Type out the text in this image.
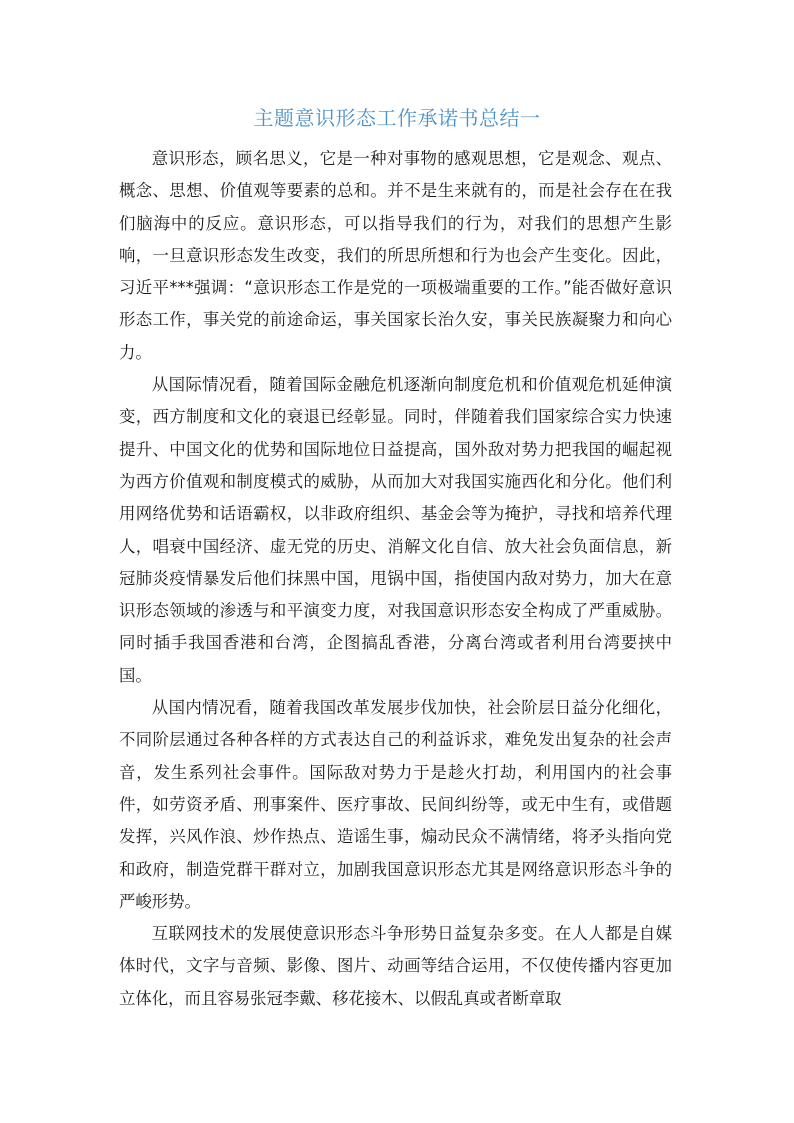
主题意识形态工作承诺书总结一

意识形态，顾名思义，它是一种对事物的感观思想，它是观念、观点、概念、思想、价值观等要素的总和。并不是生来就有的，而是社会存在在我们脑海中的反应。意识形态，可以指导我们的行为，对我们的思想产生影响，一旦意识形态发生改变，我们的所思所想和行为也会产生变化。因此，习近平***强调：“意识形态工作是党的一项极端重要的工作。”能否做好意识形态工作，事关党的前途命运，事关国家长治久安，事关民族凝聚力和向心力。

从国际情况看，随着国际金融危机逐渐向制度危机和价值观危机延伸演变，西方制度和文化的衰退已经彰显。同时，伴随着我们国家综合实力快速提升、中国文化的优势和国际地位日益提高，国外敌对势力把我国的崛起视为西方价值观和制度模式的威胁，从而加大对我国实施西化和分化。他们利用网络优势和话语霸权，以非政府组织、基金会等为掩护，寻找和培养代理人，唱衰中国经济、虚无党的历史、消解文化自信、放大社会负面信息，新冠肺炎疫情暴发后他们抹黑中国，甩锅中国，指使国内敌对势力，加大在意识形态领域的渗透与和平演变力度，对我国意识形态安全构成了严重威胁。同时插手我国香港和台湾，企图搞乱香港，分离台湾或者利用台湾要挟中国。

从国内情况看，随着我国改革发展步伐加快，社会阶层日益分化细化，不同阶层通过各种各样的方式表达自己的利益诉求，难免发出复杂的社会声音，发生系列社会事件。国际敌对势力于是趁火打劫，利用国内的社会事件，如劳资矛盾、刑事案件、医疗事故、民间纠纷等，或无中生有，或借题发挥，兴风作浪、炒作热点、造谣生事，煽动民众不满情绪，将矛头指向党和政府，制造党群干群对立，加剧我国意识形态尤其是网络意识形态斗争的严峻形势。

互联网技术的发展使意识形态斗争形势日益复杂多变。在人人都是自媒体时代，文字与音频、影像、图片、动画等结合运用，不仅使传播内容更加立体化，而且容易张冠李戴、移花接木、以假乱真或者断章取
